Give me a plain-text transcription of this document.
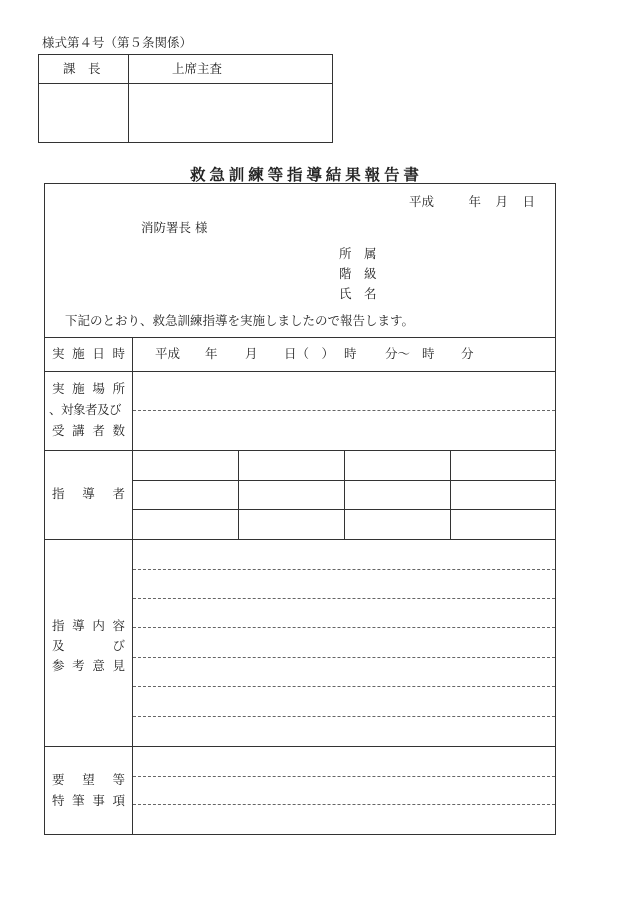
様式第４号（第５条関係）
課　長	上席主査
救急訓練等指導結果報告書
平成	年 月 日
消防署長 様
所　属
階　級
氏　名
下記のとおり、救急訓練指導を実施しましたので報告します。
実 施 日 時 平成 年 月 日（　） 時 分～ 時 分
実 施 場 所
、対象者及び
受 講 者 数
指 導 者
指 導 内 容
及	び
参 考 意 見
要 望 等
特 筆 事 項
